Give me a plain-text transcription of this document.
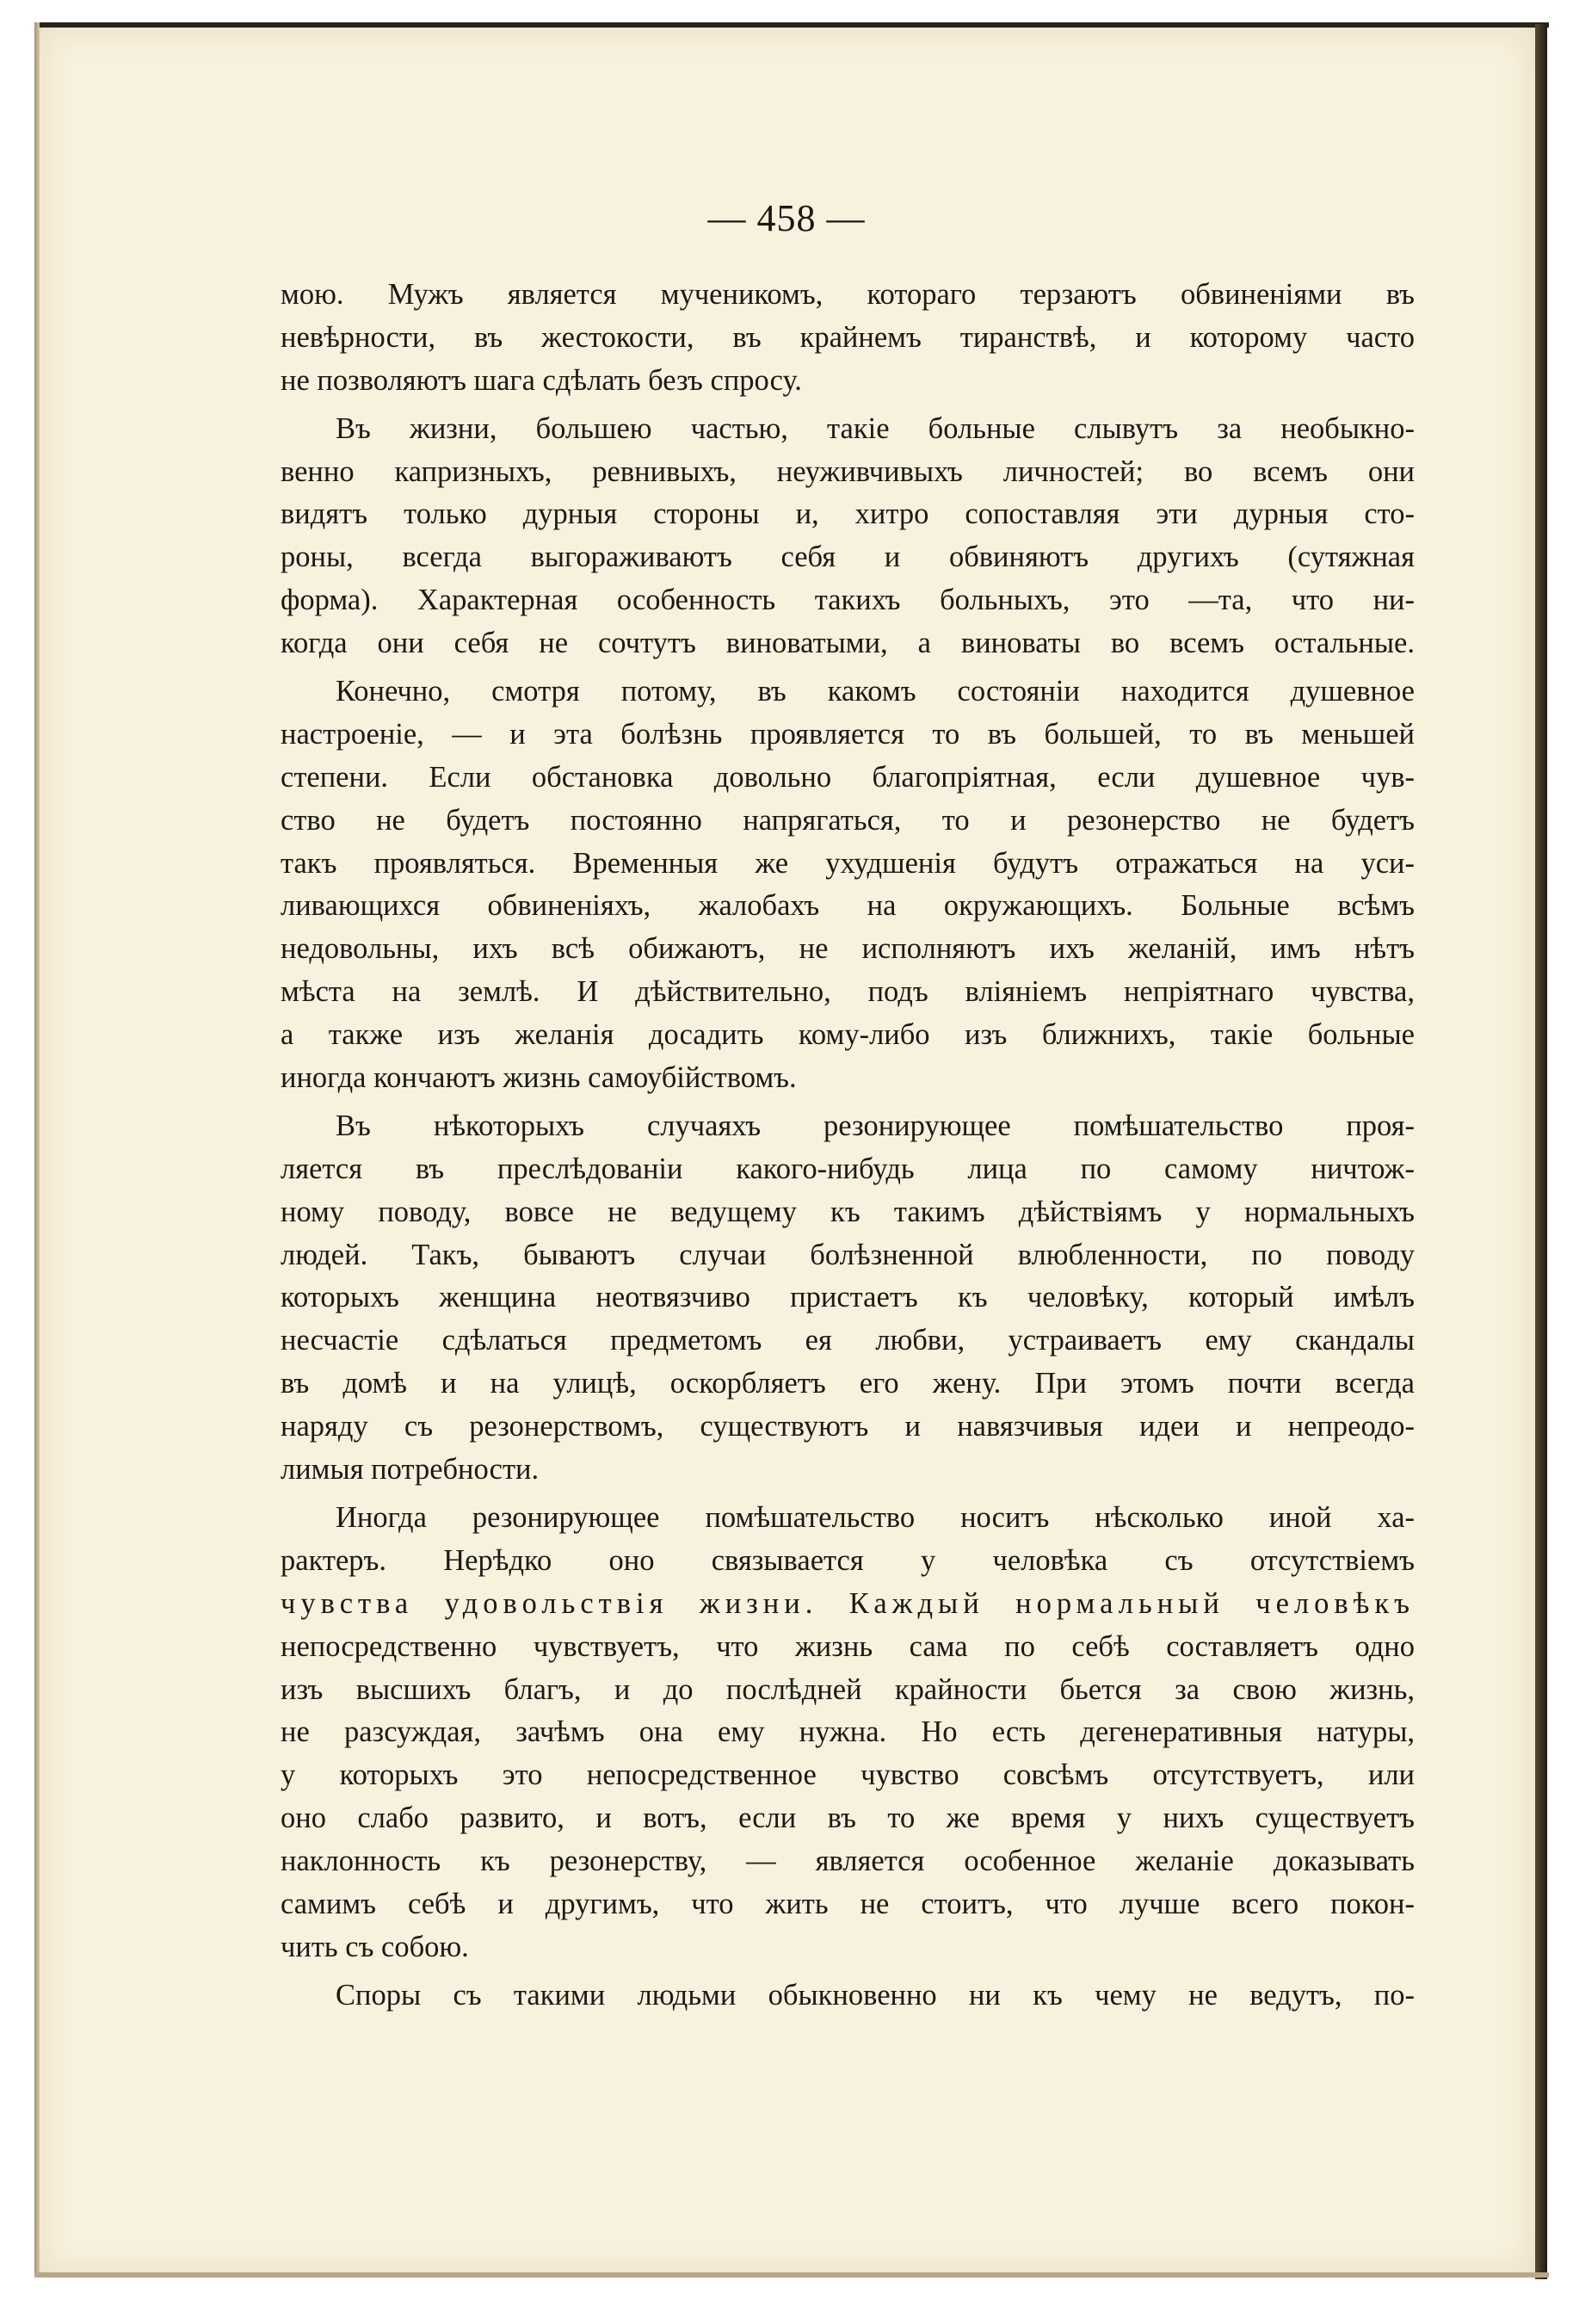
— 458 —
мою. Мужъ является мученикомъ, котораго терзаютъ обвиненiями въ
невѣрности, въ жестокости, въ крайнемъ тиранствѣ, и которому часто
не позволяютъ шага сдѣлать безъ спросу.
Въ жизни, большею частью, такiе больные слывутъ за необыкно-
венно капризныхъ, ревнивыхъ, неуживчивыхъ личностей; во всемъ они
видятъ только дурныя стороны и, хитро сопоставляя эти дурныя сто-
роны, всегда выгораживаютъ себя и обвиняютъ другихъ (сутяжная
форма). Характерная особенность такихъ больныхъ, это —та, что ни-
когда они себя не сочтутъ виноватыми, а виноваты во всемъ остальные.
Конечно, смотря потому, въ какомъ состоянiи находится душевное
настроенiе, — и эта болѣзнь проявляется то въ большей, то въ меньшей
степени. Если обстановка довольно благопрiятная, если душевное чув-
ство не будетъ постоянно напрягаться, то и резонерство не будетъ
такъ проявляться. Временныя же ухудшенiя будутъ отражаться на уси-
ливающихся обвиненiяхъ, жалобахъ на окружающихъ. Больные всѣмъ
недовольны, ихъ всѣ обижаютъ, не исполняютъ ихъ желанiй, имъ нѣтъ
мѣста на землѣ. И дѣйствительно, подъ влiянiемъ непрiятнаго чувства,
а также изъ желанiя досадить кому-либо изъ ближнихъ, такiе больные
иногда кончаютъ жизнь самоубiйствомъ.
Въ нѣкоторыхъ случаяхъ резонирующее помѣшательство проя-
ляется въ преслѣдованiи какого-нибудь лица по самому ничтож-
ному поводу, вовсе не ведущему къ такимъ дѣйствiямъ у нормальныхъ
людей. Такъ, бываютъ случаи болѣзненной влюбленности, по поводу
которыхъ женщина неотвязчиво пристаетъ къ человѣку, который имѣлъ
несчастiе сдѣлаться предметомъ ея любви, устраиваетъ ему скандалы
въ домѣ и на улицѣ, оскорбляетъ его жену. При этомъ почти всегда
наряду съ резонерствомъ, существуютъ и навязчивыя идеи и непреодо-
лимыя потребности.
Иногда резонирующее помѣшательство носитъ нѣсколько иной ха-
рактеръ. Нерѣдко оно связывается у человѣка съ отсутствiемъ
чувства удовольствiя жизни. Каждый нормальный человѣкъ
непосредственно чувствуетъ, что жизнь сама по себѣ составляетъ одно
изъ высшихъ благъ, и до послѣдней крайности бьется за свою жизнь,
не разсуждая, зачѣмъ она ему нужна. Но есть дегенеративныя натуры,
у которыхъ это непосредственное чувство совсѣмъ отсутствуетъ, или
оно слабо развито, и вотъ, если въ то же время у нихъ существуетъ
наклонность къ резонерству, — является особенное желанiе доказывать
самимъ себѣ и другимъ, что жить не стоитъ, что лучше всего покон-
чить съ собою.
Споры съ такими людьми обыкновенно ни къ чему не ведутъ, по-
